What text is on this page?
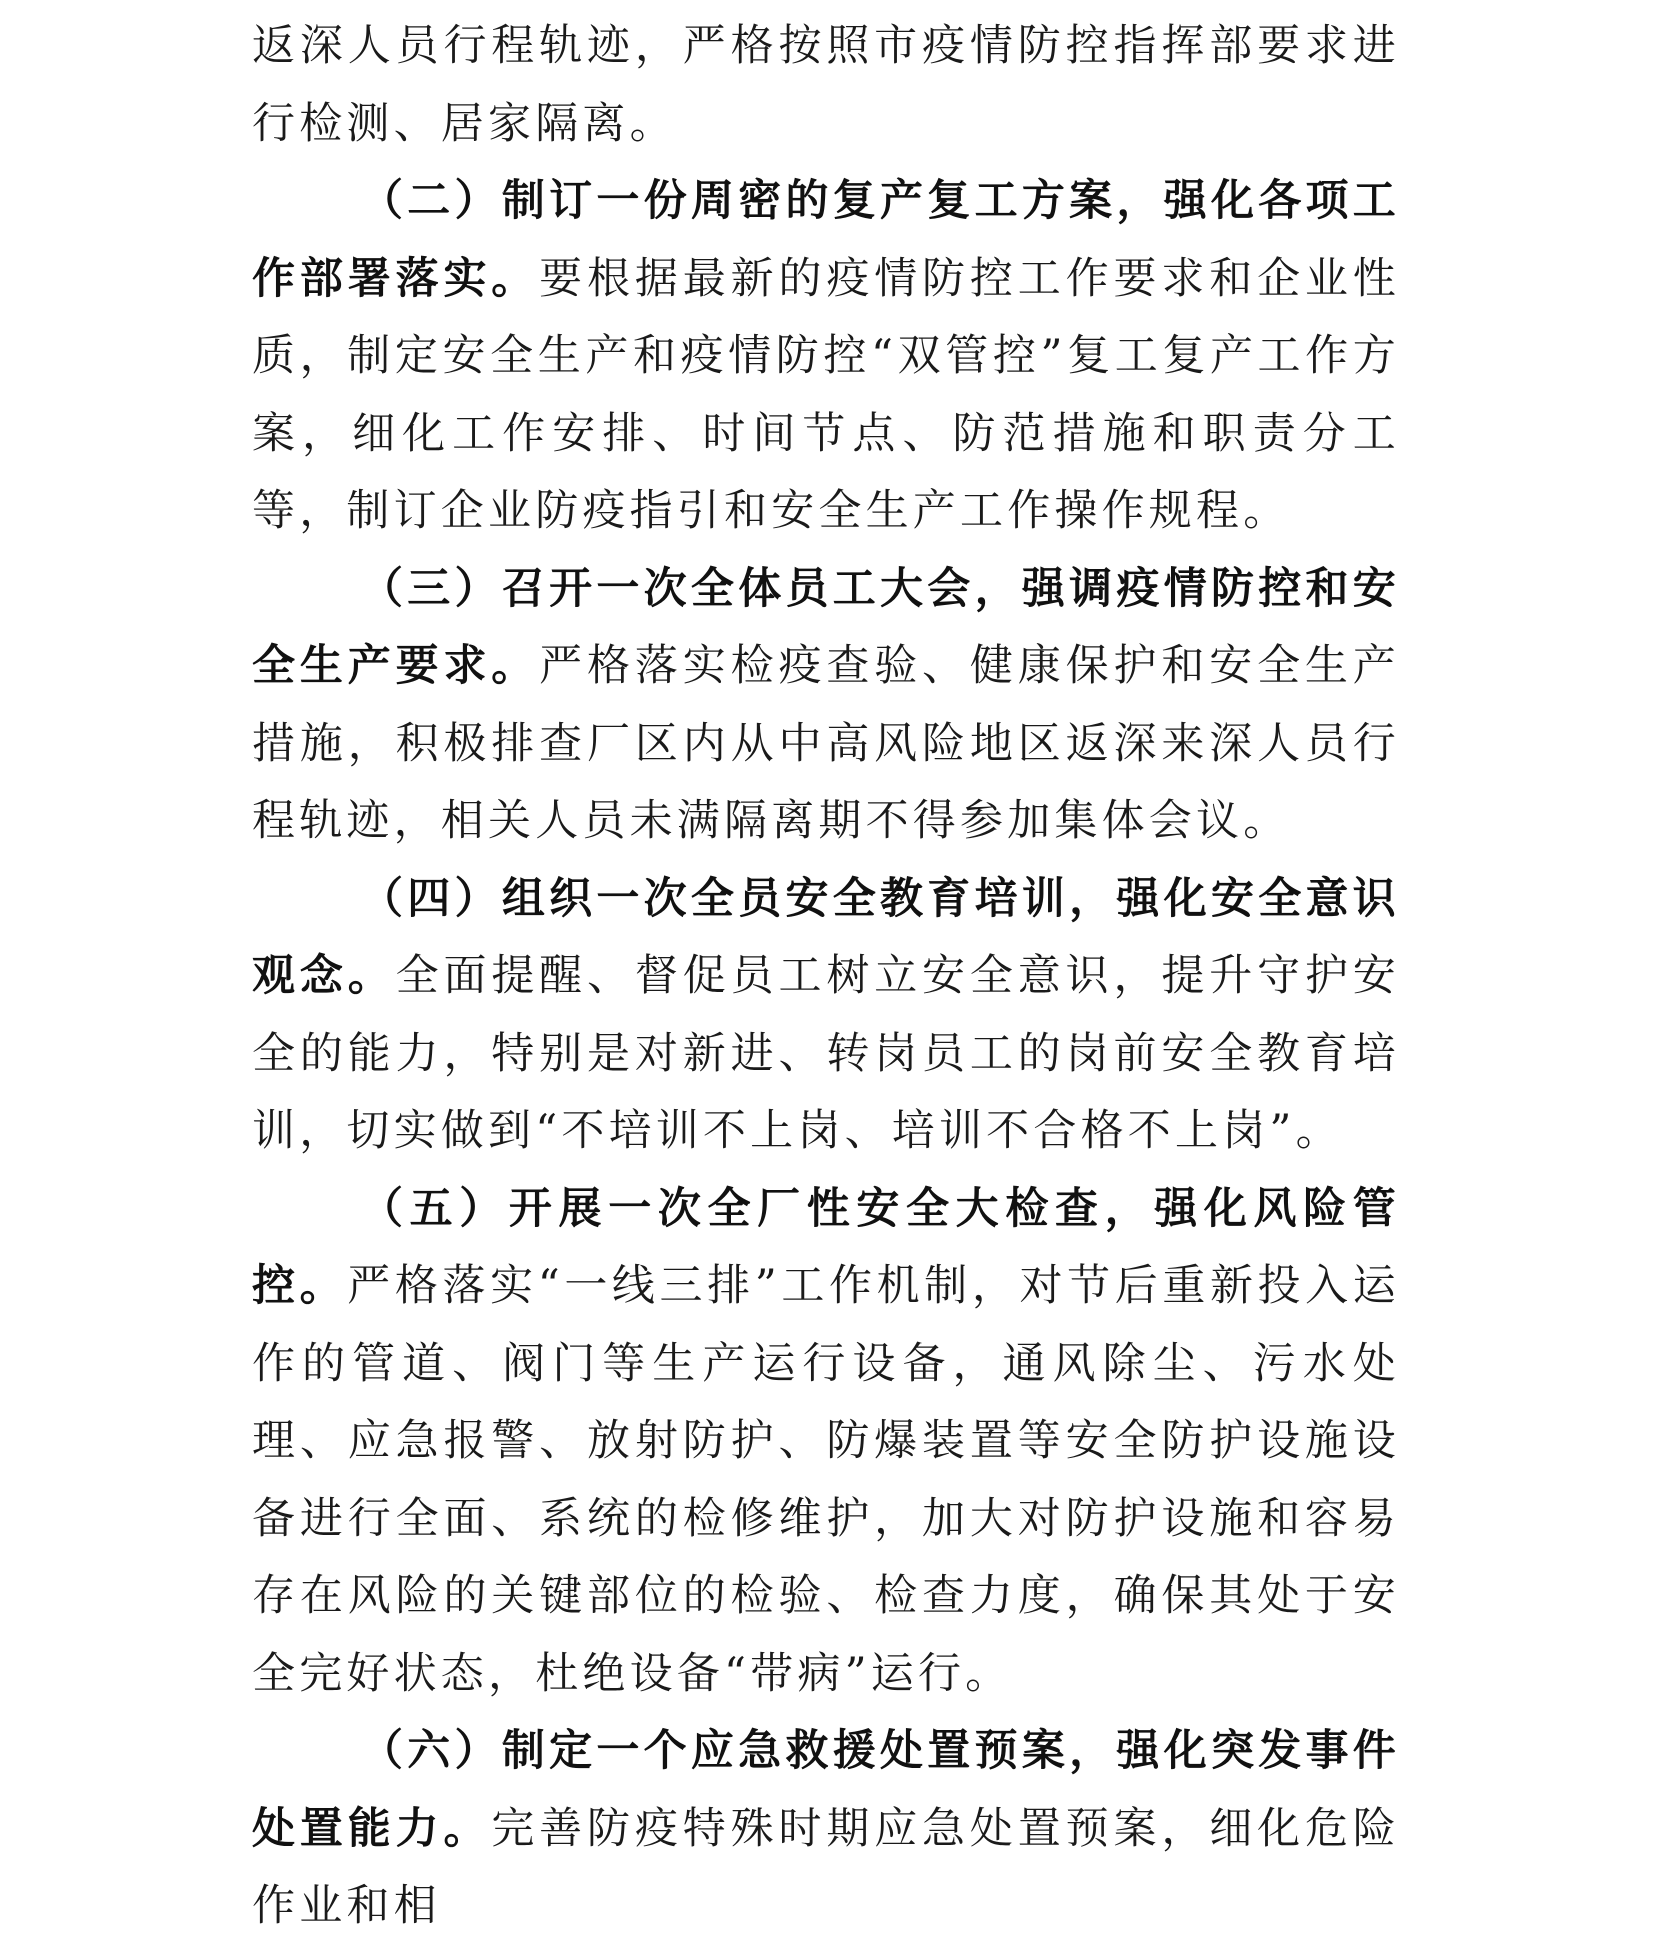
返深人员行程轨迹，严格按照市疫情防控指挥部要求进行检测、居家隔离。

（二）制订一份周密的复产复工方案，强化各项工作部署落实。要根据最新的疫情防控工作要求和企业性质，制定安全生产和疫情防控“双管控”复工复产工作方案，细化工作安排、时间节点、防范措施和职责分工等，制订企业防疫指引和安全生产工作操作规程。

（三）召开一次全体员工大会，强调疫情防控和安全生产要求。严格落实检疫查验、健康保护和安全生产措施，积极排查厂区内从中高风险地区返深来深人员行程轨迹，相关人员未满隔离期不得参加集体会议。

（四）组织一次全员安全教育培训，强化安全意识观念。全面提醒、督促员工树立安全意识，提升守护安全的能力，特别是对新进、转岗员工的岗前安全教育培训，切实做到“不培训不上岗、培训不合格不上岗”。

（五）开展一次全厂性安全大检查，强化风险管控。严格落实“一线三排”工作机制，对节后重新投入运作的管道、阀门等生产运行设备，通风除尘、污水处理、应急报警、放射防护、防爆装置等安全防护设施设备进行全面、系统的检修维护，加大对防护设施和容易存在风险的关键部位的检验、检查力度，确保其处于安全完好状态，杜绝设备“带病”运行。

（六）制定一个应急救援处置预案，强化突发事件处置能力。完善防疫特殊时期应急处置预案，细化危险作业和相
